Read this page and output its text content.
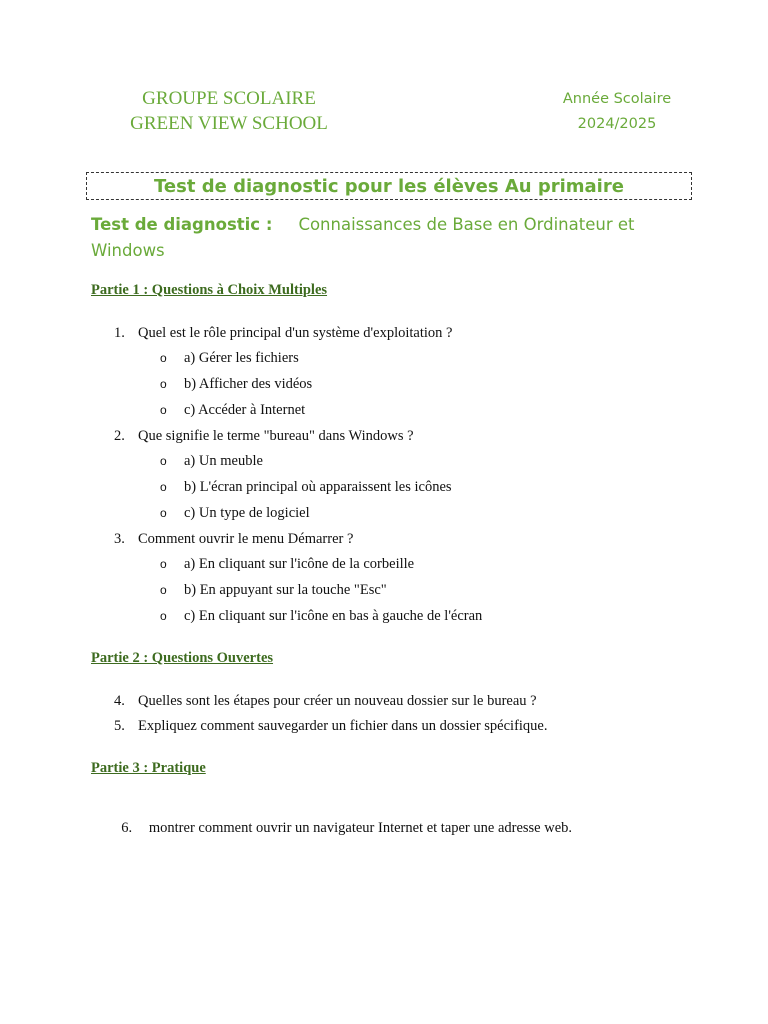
GROUPE SCOLAIRE
GREEN VIEW SCHOOL
Année Scolaire
2024/2025
Test de diagnostic pour les élèves Au primaire
Test de diagnostic : Connaissances de Base en Ordinateur et
Windows
Partie 1 : Questions à Choix Multiples
1. Quel est le rôle principal d'un système d'exploitation ?
o a) Gérer les fichiers
o b) Afficher des vidéos
o c) Accéder à Internet
2. Que signifie le terme "bureau" dans Windows ?
o a) Un meuble
o b) L'écran principal où apparaissent les icônes
o c) Un type de logiciel
3. Comment ouvrir le menu Démarrer ?
o a) En cliquant sur l'icône de la corbeille
o b) En appuyant sur la touche "Esc"
o c) En cliquant sur l'icône en bas à gauche de l'écran
Partie 2 : Questions Ouvertes
4. Quelles sont les étapes pour créer un nouveau dossier sur le bureau ?
5. Expliquez comment sauvegarder un fichier dans un dossier spécifique.
Partie 3 : Pratique

6. montrer comment ouvrir un navigateur Internet et taper une adresse web.
